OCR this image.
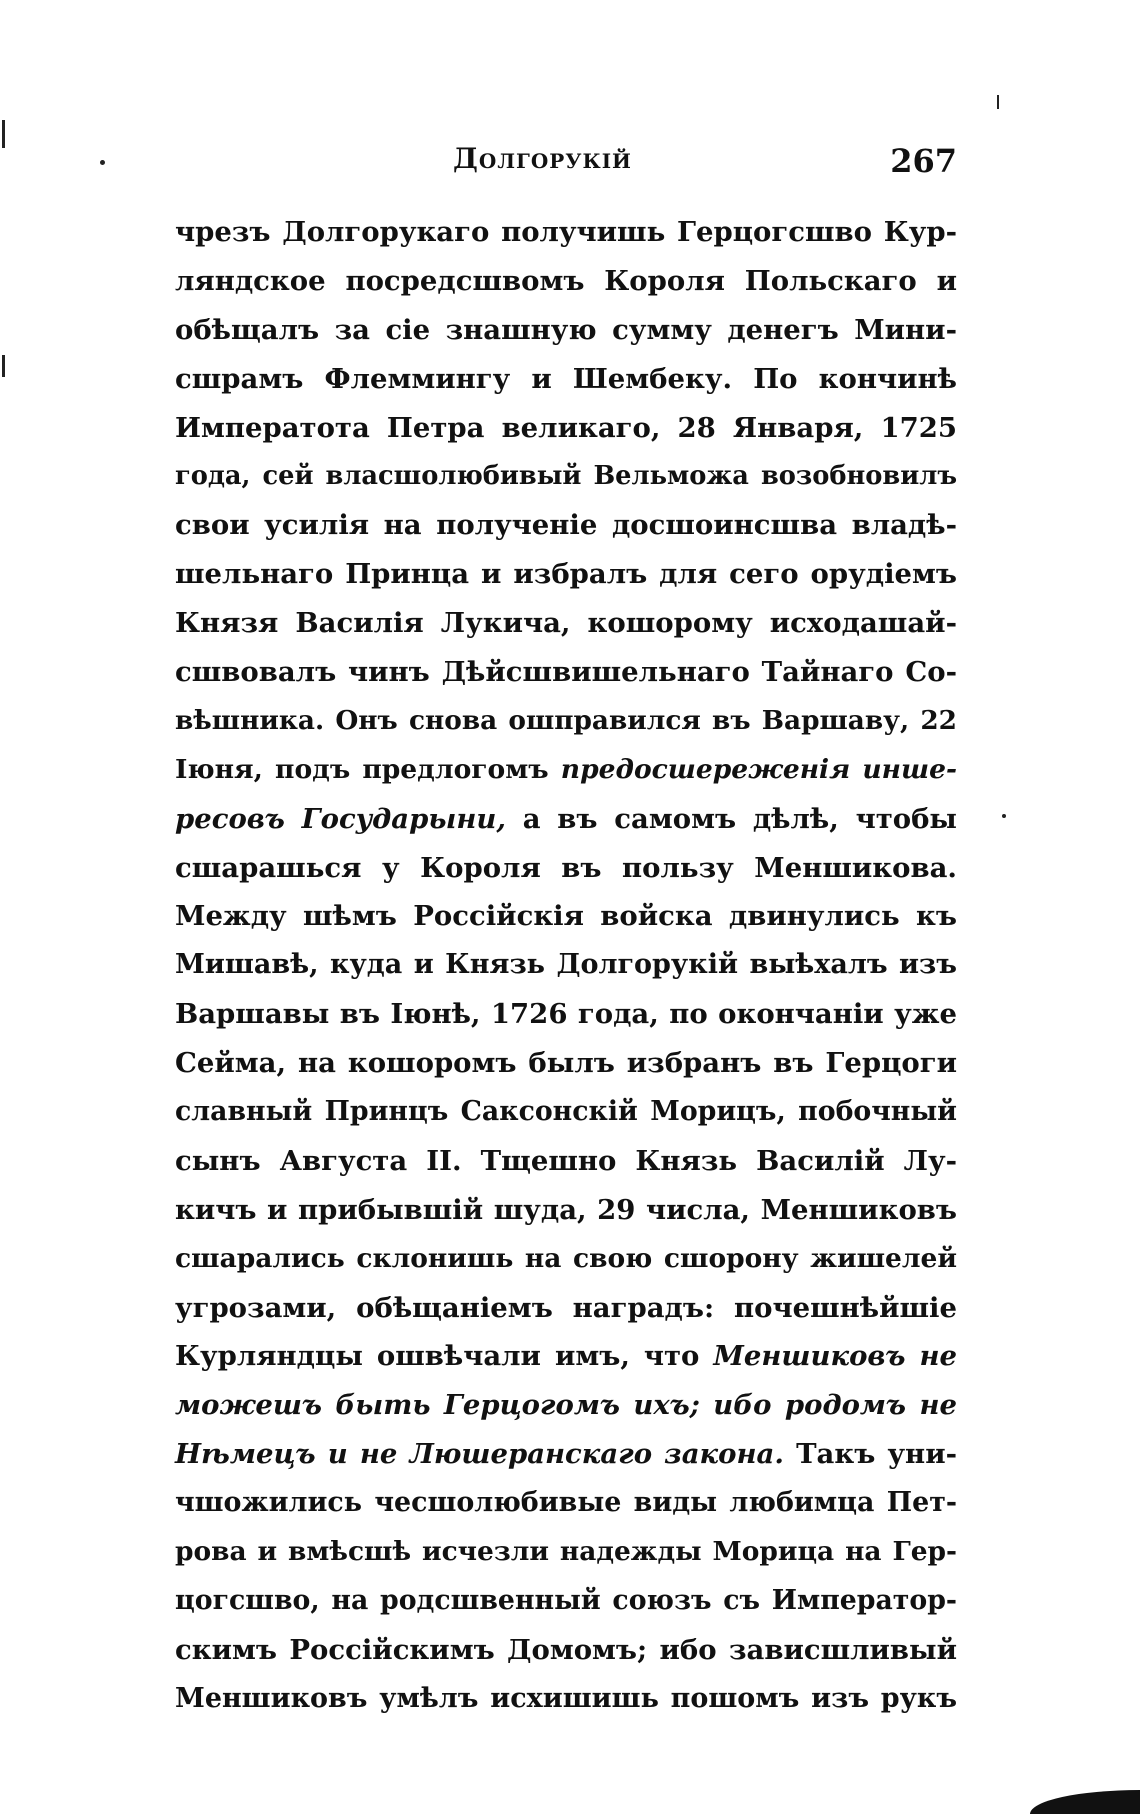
Долгорукій	267
чрезъ Долгорукаго получишь Герцогсшво Кур-
ляндское посредсшвомъ Короля Польскаго и
обѣщалъ за сіе знашную сумму денегъ Мини-
сшрамъ Флеммингу и Шембеку. По кончинѣ
Императота Петра великаго, 28 Января, 1725
года, сей власшолюбивый Вельможа возобновилъ
свои усилія на полученіе досшоинсшва владѣ-
шельнаго Принца и избралъ для сего орудіемъ
Князя Василія Лукича, кошорому исходашай-
сшвовалъ чинъ Дѣйсшвишельнаго Тайнаго Со-
вѣшника. Онъ снова ошправился въ Варшаву, 22
Іюня, подъ предлогомъ предосшереженія инше-
ресовъ Государыни, а въ самомъ дѣлѣ, чтобы
сшарашься у Короля въ пользу Меншикова.
Между шѣмъ Россійскія войска двинулись къ
Мишавѣ, куда и Князь Долгорукій выѣхалъ изъ
Варшавы въ Іюнѣ, 1726 года, по окончаніи уже
Сейма, на кошоромъ былъ избранъ въ Герцоги
славный Принцъ Саксонскій Морицъ, побочный
сынъ Августа II. Тщешно Князь Василій Лу-
кичъ и прибывшій шуда, 29 числа, Меншиковъ
сшарались склонишь на свою сшорону жишелей
угрозами, обѣщаніемъ наградъ: почешнѣйшіе
Курляндцы ошвѣчали имъ, что Меншиковъ не
можешъ быть Герцогомъ ихъ; ибо родомъ не
Нѣмецъ и не Люшеранскаго закона. Такъ уни-
чшожились чесшолюбивые виды любимца Пет-
рова и вмѣсшѣ исчезли надежды Морица на Гер-
цогсшво, на родсшвенный союзъ съ Император-
скимъ Россійскимъ Домомъ; ибо зависшливый
Меншиковъ умѣлъ исхишишь пошомъ изъ рукъ
